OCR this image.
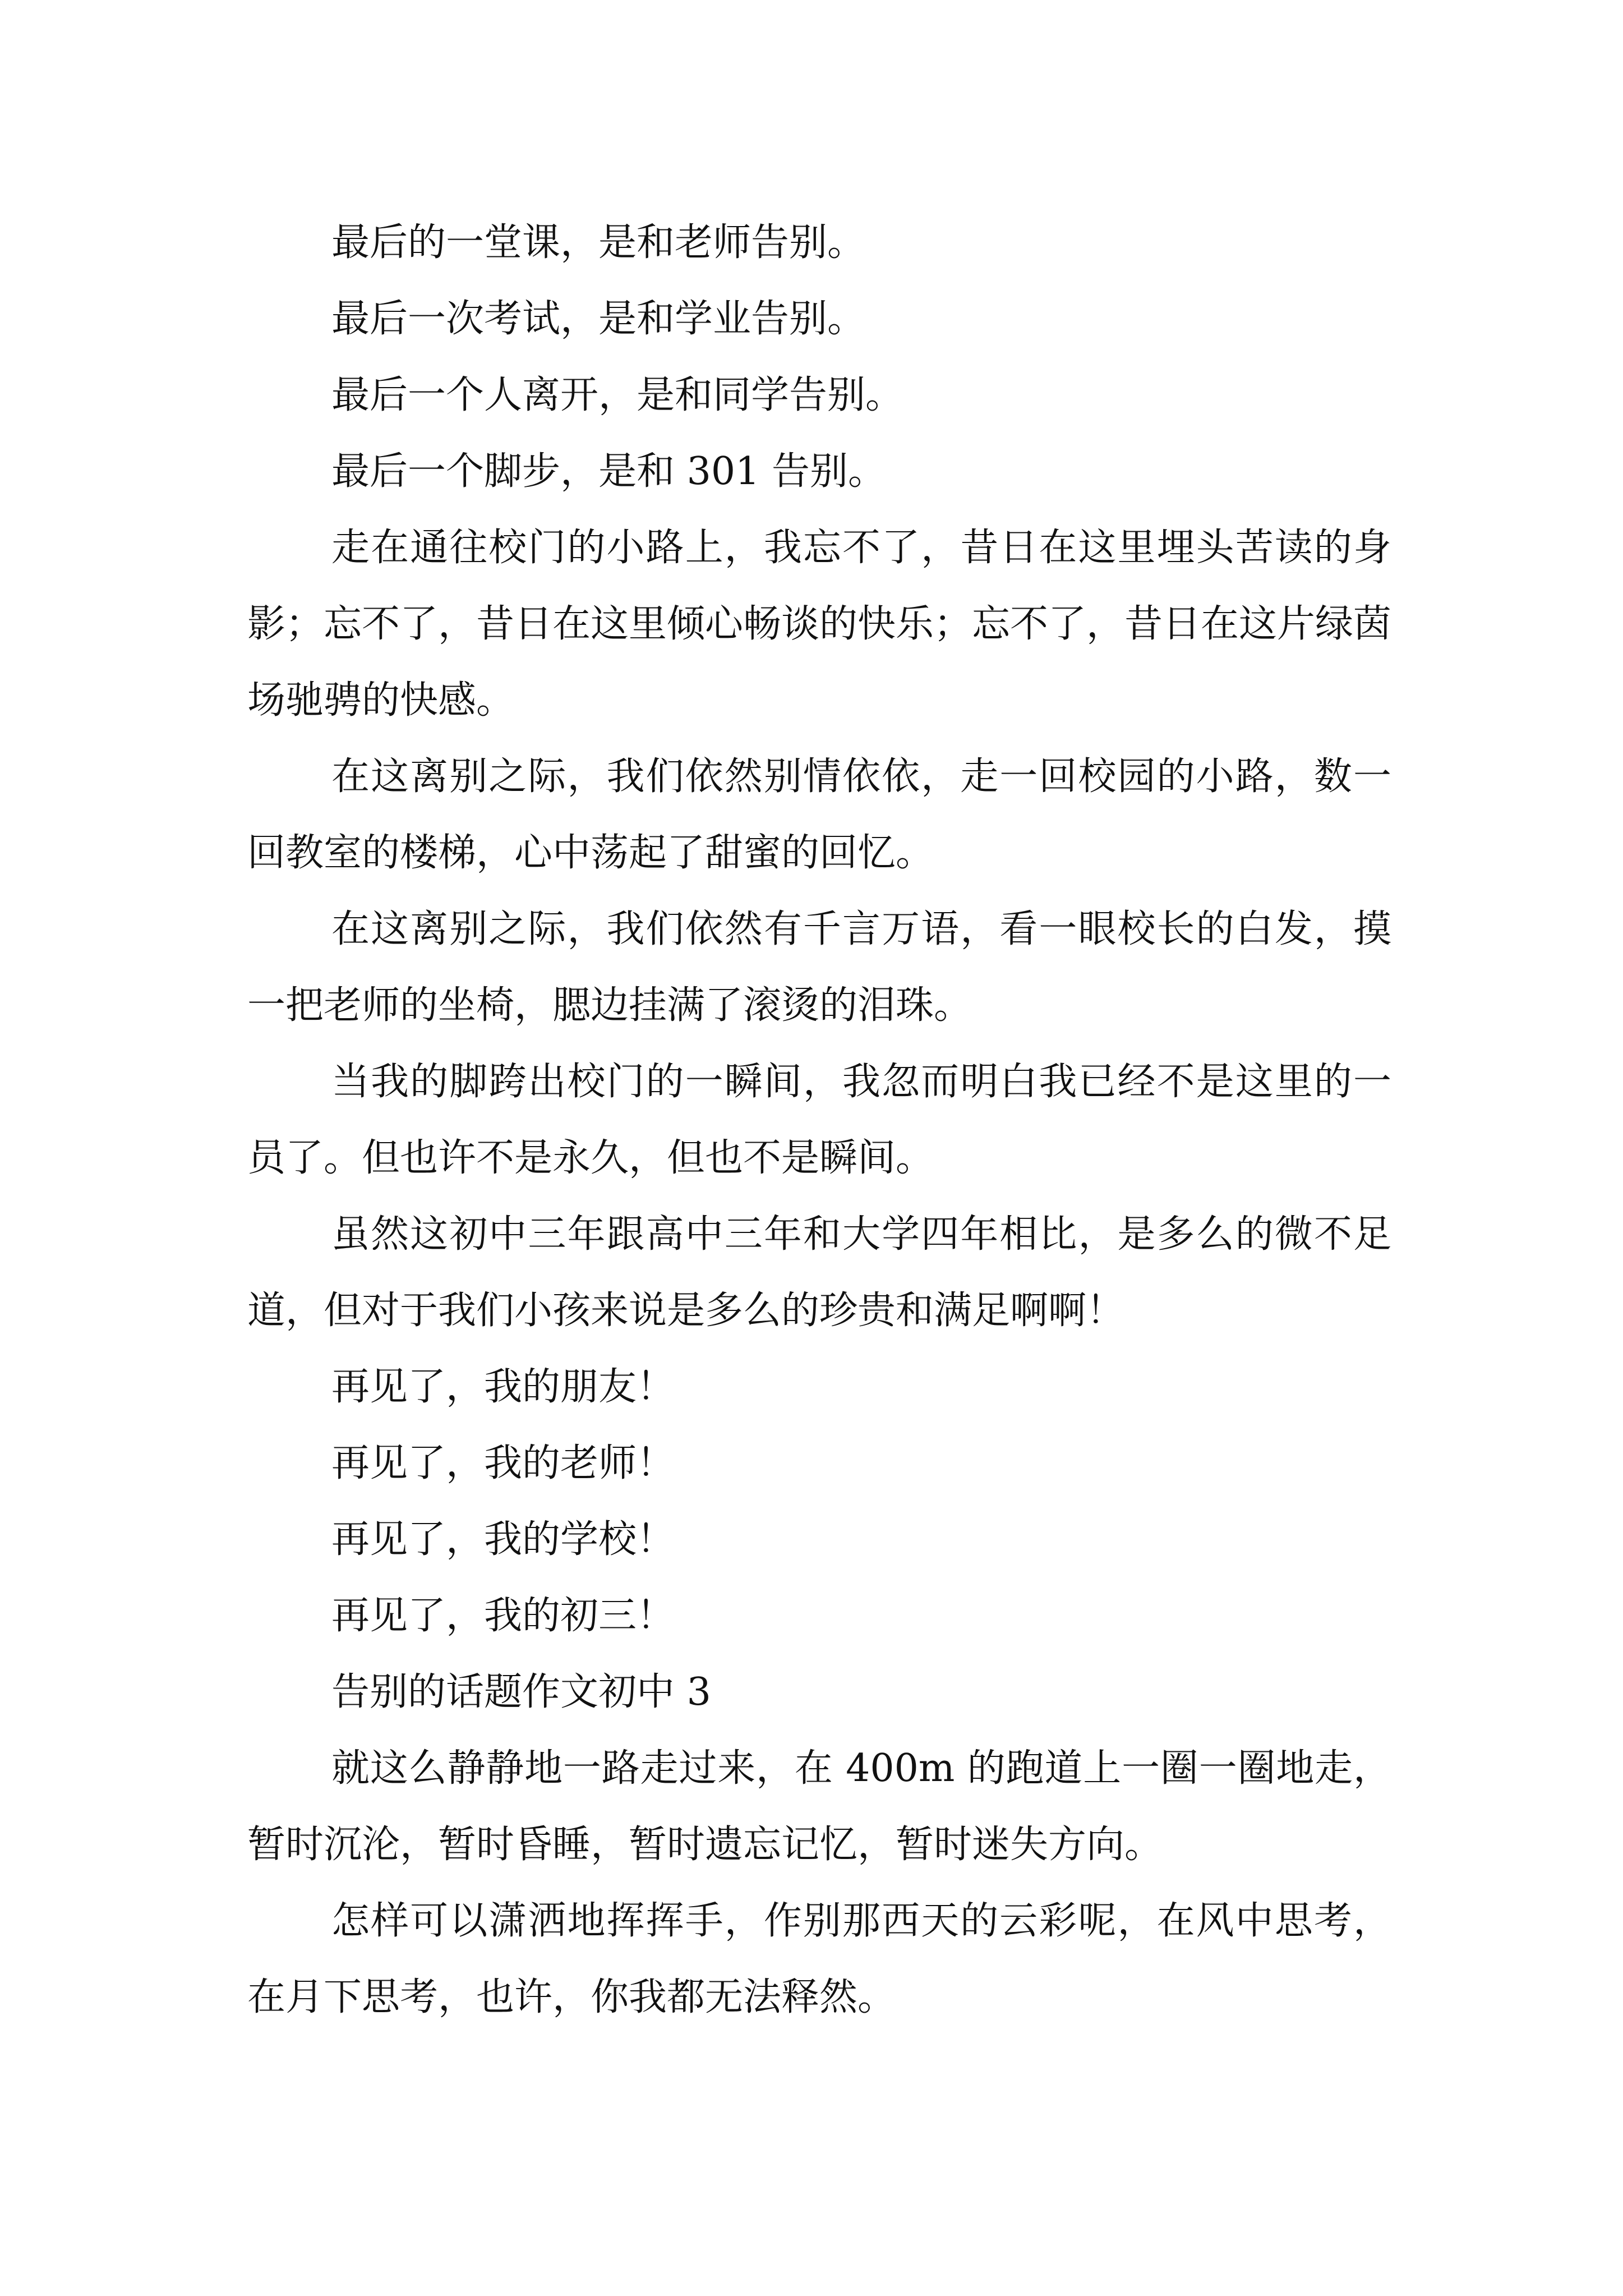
最后的一堂课，是和老师告别。

最后一次考试，是和学业告别。

最后一个人离开，是和同学告别。

最后一个脚步，是和 301 告别。

走在通往校门的小路上，我忘不了，昔日在这里埋头苦读的身影；忘不了，昔日在这里倾心畅谈的快乐；忘不了，昔日在这片绿茵场驰骋的快感。

在这离别之际，我们依然别情依依，走一回校园的小路，数一回教室的楼梯，心中荡起了甜蜜的回忆。

在这离别之际，我们依然有千言万语，看一眼校长的白发，摸一把老师的坐椅，腮边挂满了滚烫的泪珠。

当我的脚跨出校门的一瞬间，我忽而明白我已经不是这里的一员了。但也许不是永久，但也不是瞬间。

虽然这初中三年跟高中三年和大学四年相比，是多么的微不足道，但对于我们小孩来说是多么的珍贵和满足啊啊！

再见了，我的朋友！

再见了，我的老师！

再见了，我的学校！

再见了，我的初三！

告别的话题作文初中 3

就这么静静地一路走过来，在 400m 的跑道上一圈一圈地走，暂时沉沦，暂时昏睡，暂时遗忘记忆，暂时迷失方向。

怎样可以潇洒地挥挥手，作别那西天的云彩呢，在风中思考，在月下思考，也许，你我都无法释然。
